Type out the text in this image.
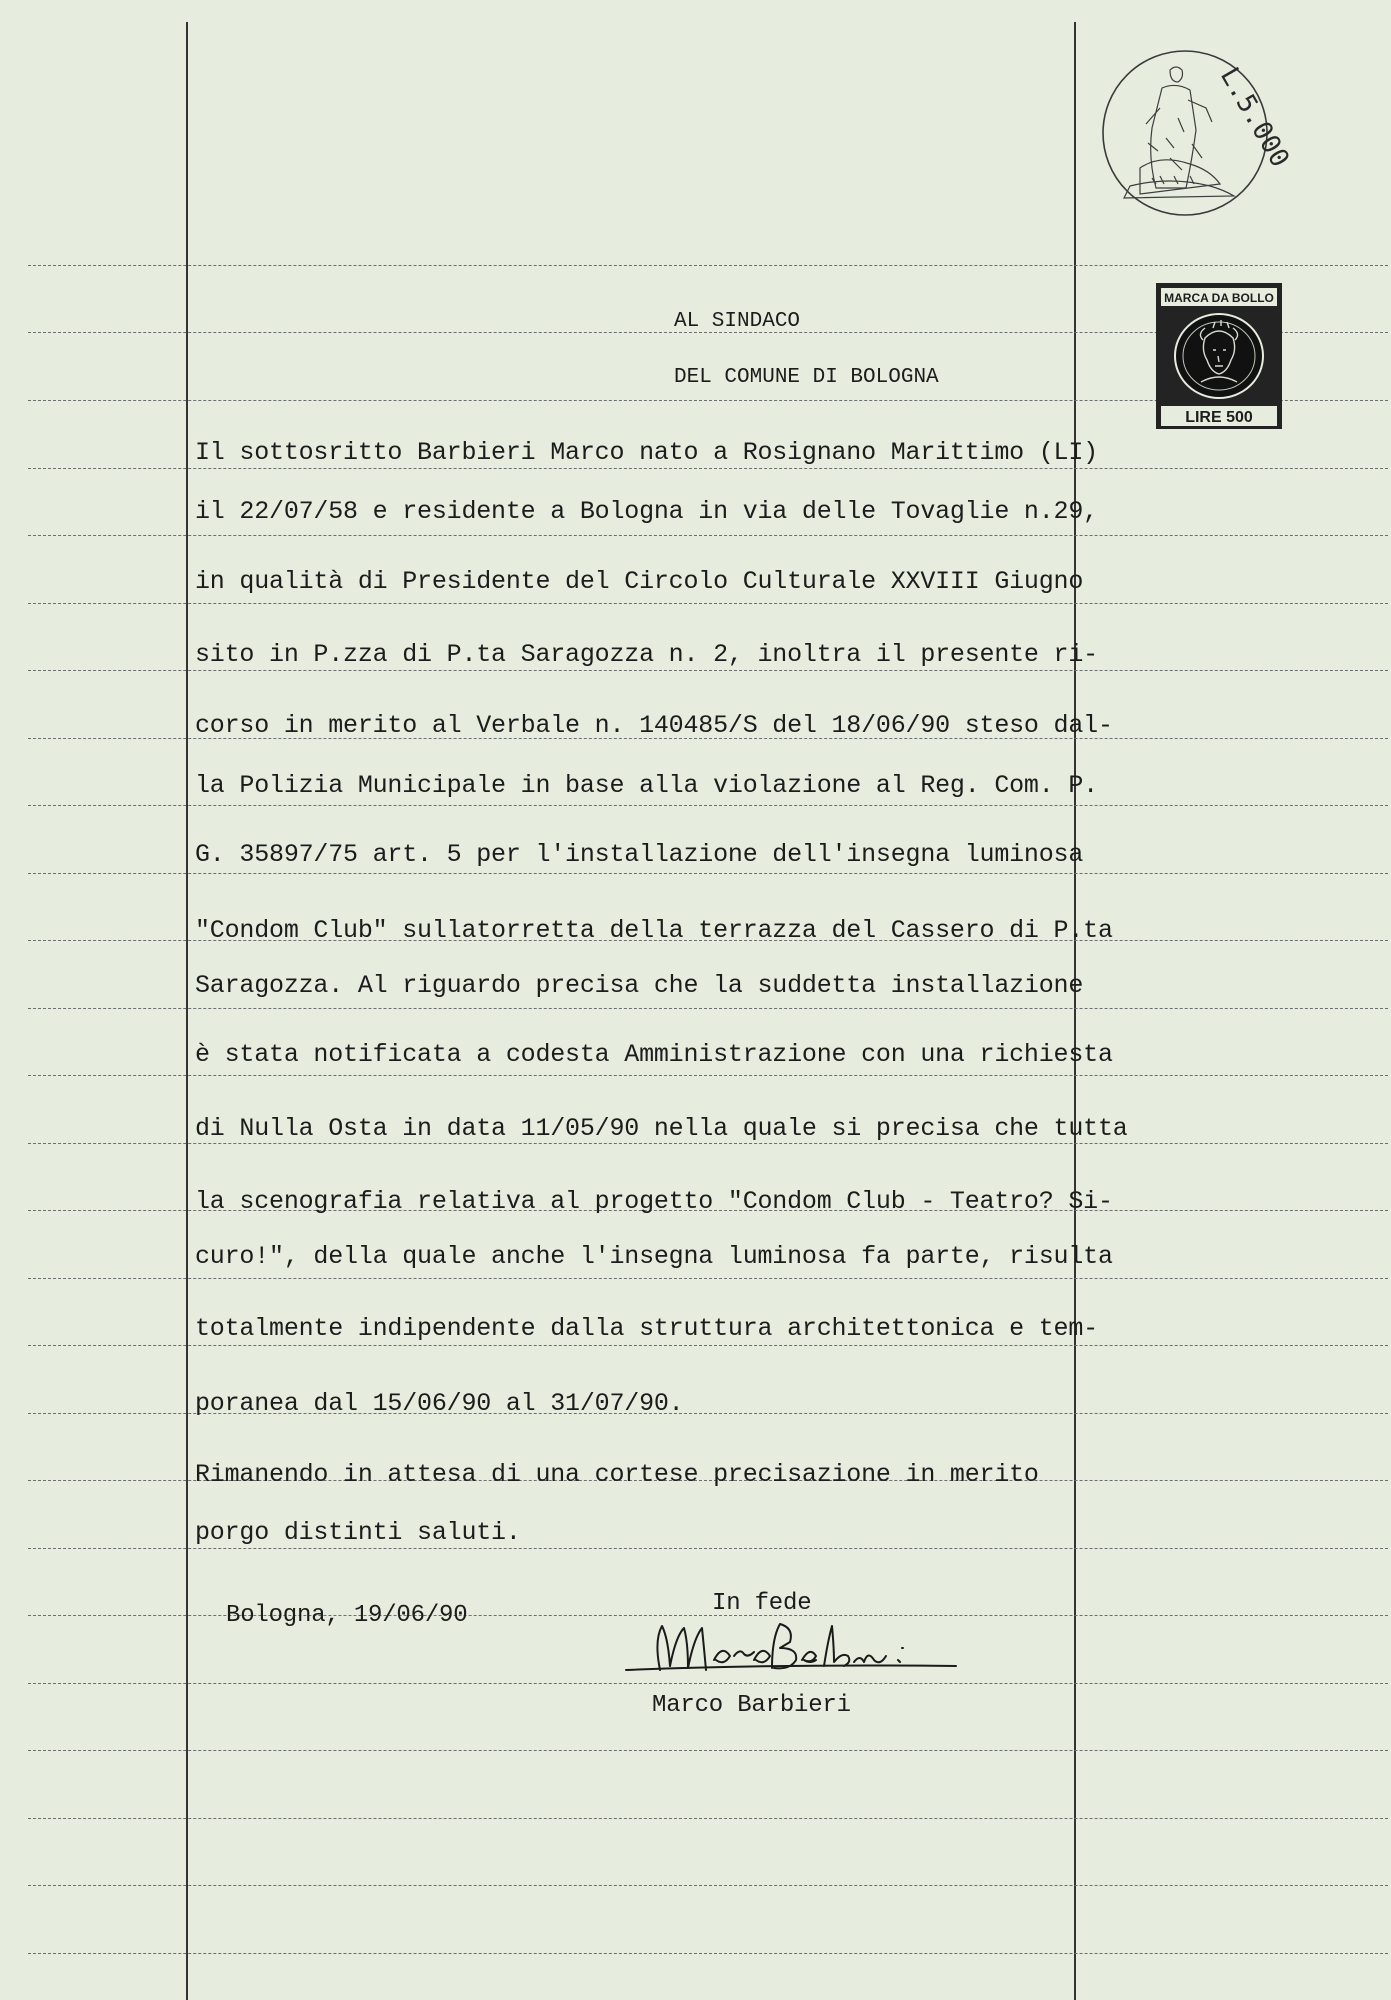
L.5.000
MARCA DA BOLLO
LIRE 500
AL SINDACO
DEL COMUNE DI BOLOGNA
Il sottosritto Barbieri Marco nato a Rosignano Marittimo (LI)
il 22/07/58 e residente a Bologna in via delle Tovaglie n.29,
in qualità di Presidente del Circolo Culturale XXVIII Giugno
sito in P.zza di P.ta Saragozza n. 2, inoltra il presente ri-
corso in merito al Verbale n. 140485/S del 18/06/90 steso dal-
la Polizia Municipale in base alla violazione al Reg. Com. P.
G. 35897/75 art. 5 per l'installazione dell'insegna luminosa
"Condom Club" sullatorretta della terrazza del Cassero di P.ta
Saragozza. Al riguardo precisa che la suddetta installazione
è stata notificata a codesta Amministrazione con una richiesta
di Nulla Osta in data 11/05/90 nella quale si precisa che tutta
la scenografia relativa al progetto "Condom Club - Teatro? Si-
curo!", della quale anche l'insegna luminosa fa parte, risulta
totalmente indipendente dalla struttura architettonica e tem-
poranea dal 15/06/90 al 31/07/90.
Rimanendo in attesa di una cortese precisazione in merito
porgo distinti saluti.
Bologna, 19/06/90	In fede
Marco Barbieri
